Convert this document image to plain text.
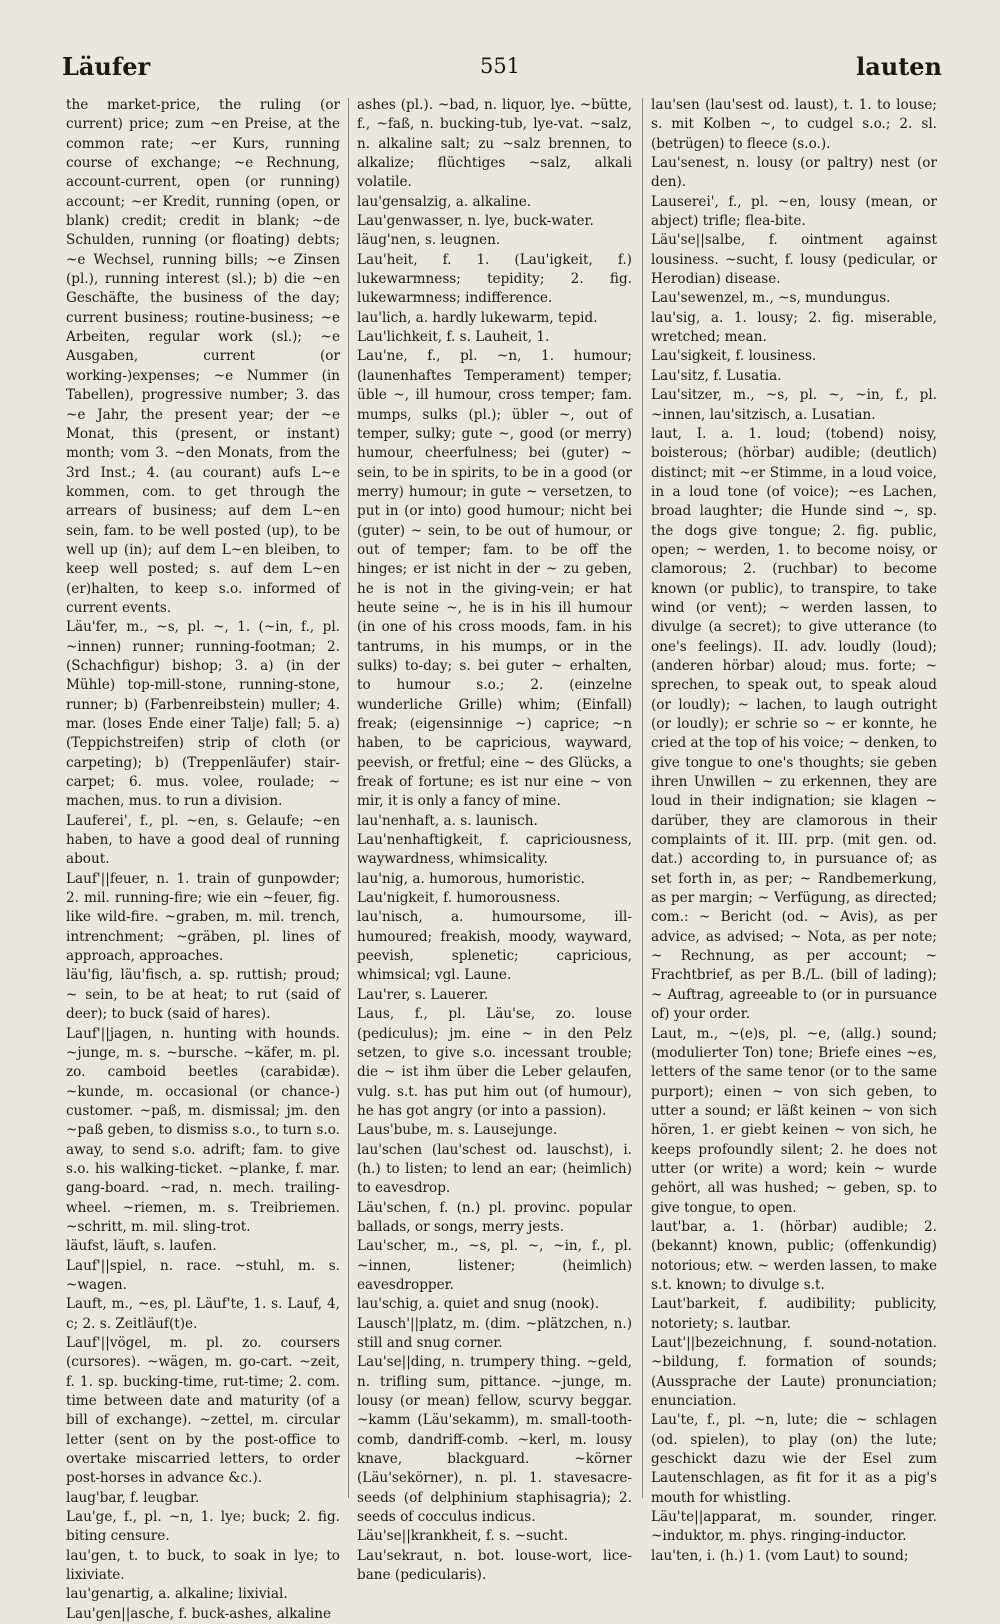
Läufer	551	lauten

the market-price, the ruling (or current) price; zum ~en Preise, at the common rate; ~er Kurs, running course of exchange; ~e Rechnung, account-current, open (or running) account; ~er Kredit, running (open, or blank) credit; credit in blank; ~de Schulden, running (or floating) debts; ~e Wechsel, running bills; ~e Zinsen (pl.), running interest (sl.); b) die ~en Geschäfte, the business of the day; current business; routine-business; ~e Arbeiten, regular work (sl.); ~e Ausgaben, current (or working-)expenses; ~e Nummer (in Tabellen), progressive number; 3. das ~e Jahr, the present year; der ~e Monat, this (present, or instant) month; vom 3. ~den Monats, from the 3rd Inst.; 4. (au courant) aufs L~e kommen, com. to get through the arrears of business; auf dem L~en sein, fam. to be well posted (up), to be well up (in); auf dem L~en bleiben, to keep well posted; s. auf dem L~en (er)halten, to keep s.o. informed of current events.

Läu'fer, m., ~s, pl. ~, 1. (~in, f., pl. ~innen) runner; running-footman; 2. (Schachfigur) bishop; 3. a) (in der Mühle) top-mill-stone, running-stone, runner; b) (Farbenreibstein) muller; 4. mar. (loses Ende einer Talje) fall; 5. a) (Teppichstreifen) strip of cloth (or carpeting); b) (Treppenläufer) stair-carpet; 6. mus. volee, roulade; ~ machen, mus. to run a division.

Lauferei', f., pl. ~en, s. Gelaufe; ~en haben, to have a good deal of running about.

Lauf'||feuer, n. 1. train of gunpowder; 2. mil. running-fire; wie ein ~feuer, fig. like wild-fire. ~graben, m. mil. trench, intrenchment; ~gräben, pl. lines of approach, approaches.

läu'fig, läu'fisch, a. sp. ruttish; proud; ~ sein, to be at heat; to rut (said of deer); to buck (said of hares).

Lauf'||jagen, n. hunting with hounds. ~junge, m. s. ~bursche. ~käfer, m. pl. zo. camboid beetles (carabidæ). ~kunde, m. occasional (or chance-) customer. ~paß, m. dismissal; jm. den ~paß geben, to dismiss s.o., to turn s.o. away, to send s.o. adrift; fam. to give s.o. his walking-ticket. ~planke, f. mar. gang-board. ~rad, n. mech. trailing-wheel. ~riemen, m. s. Treibriemen. ~schritt, m. mil. sling-trot.

läufst, läuft, s. laufen.

Lauf'||spiel, n. race. ~stuhl, m. s. ~wagen.

Lauft, m., ~es, pl. Läuf'te, 1. s. Lauf, 4, c; 2. s. Zeitläuf(t)e.

Lauf'||vögel, m. pl. zo. coursers (cursores). ~wägen, m. go-cart. ~zeit, f. 1. sp. bucking-time, rut-time; 2. com. time between date and maturity (of a bill of exchange). ~zettel, m. circular letter (sent on by the post-office to overtake miscarried letters, to order post-horses in advance &c.).

laug'bar, f. leugbar.

Lau'ge, f., pl. ~n, 1. lye; buck; 2. fig. biting censure.

lau'gen, t. to buck, to soak in lye; to lixiviate.

lau'genartig, a. alkaline; lixivial.

Lau'gen||asche, f. buck-ashes, alkaline

ashes (pl.). ~bad, n. liquor, lye. ~bütte, f., ~faß, n. bucking-tub, lye-vat. ~salz, n. alkaline salt; zu ~salz brennen, to alkalize; flüchtiges ~salz, alkali volatile.

lau'gensalzig, a. alkaline.

Lau'genwasser, n. lye, buck-water.

läug'nen, s. leugnen.

Lau'heit, f. 1. (Lau'igkeit, f.) lukewarmness; tepidity; 2. fig. lukewarmness; indifference.

lau'lich, a. hardly lukewarm, tepid.

Lau'lichkeit, f. s. Lauheit, 1.

Lau'ne, f., pl. ~n, 1. humour; (launenhaftes Temperament) temper; üble ~, ill humour, cross temper; fam. mumps, sulks (pl.); übler ~, out of temper, sulky; gute ~, good (or merry) humour, cheerfulness; bei (guter) ~ sein, to be in spirits, to be in a good (or merry) humour; in gute ~ versetzen, to put in (or into) good humour; nicht bei (guter) ~ sein, to be out of humour, or out of temper; fam. to be off the hinges; er ist nicht in der ~ zu geben, he is not in the giving-vein; er hat heute seine ~, he is in his ill humour (in one of his cross moods, fam. in his tantrums, in his mumps, or in the sulks) to-day; s. bei guter ~ erhalten, to humour s.o.; 2. (einzelne wunderliche Grille) whim; (Einfall) freak; (eigensinnige ~) caprice; ~n haben, to be capricious, wayward, peevish, or fretful; eine ~ des Glücks, a freak of fortune; es ist nur eine ~ von mir, it is only a fancy of mine.

lau'nenhaft, a. s. launisch.

Lau'nenhaftigkeit, f. capriciousness, waywardness, whimsicality.

lau'nig, a. humorous, humoristic.

Lau'nigkeit, f. humorousness.

lau'nisch, a. humoursome, ill-humoured; freakish, moody, wayward, peevish, splenetic; capricious, whimsical; vgl. Laune.

Lau'rer, s. Lauerer.

Laus, f., pl. Läu'se, zo. louse (pediculus); jm. eine ~ in den Pelz setzen, to give s.o. incessant trouble; die ~ ist ihm über die Leber gelaufen, vulg. s.t. has put him out (of humour), he has got angry (or into a passion).

Laus'bube, m. s. Lausejunge.

lau'schen (lau'schest od. lauschst), i. (h.) to listen; to lend an ear; (heimlich) to eavesdrop.

Läu'schen, f. (n.) pl. provinc. popular ballads, or songs, merry jests.

Lau'scher, m., ~s, pl. ~, ~in, f., pl. ~innen, listener; (heimlich) eavesdropper.

lau'schig, a. quiet and snug (nook).

Lausch'||platz, m. (dim. ~plätzchen, n.) still and snug corner.

Lau'se||ding, n. trumpery thing. ~geld, n. trifling sum, pittance. ~junge, m. lousy (or mean) fellow, scurvy beggar. ~kamm (Läu'sekamm), m. small-tooth-comb, dandriff-comb. ~kerl, m. lousy knave, blackguard. ~körner (Läu'sekörner), n. pl. 1. stavesacre-seeds (of delphinium staphisagria); 2. seeds of cocculus indicus.

Läu'se||krankheit, f. s. ~sucht.

Lau'sekraut, n. bot. louse-wort, lice-bane (pedicularis).

lau'sen (lau'sest od. laust), t. 1. to louse; s. mit Kolben ~, to cudgel s.o.; 2. sl. (betrügen) to fleece (s.o.).

Lau'senest, n. lousy (or paltry) nest (or den).

Lauserei', f., pl. ~en, lousy (mean, or abject) trifle; flea-bite.

Läu'se||salbe, f. ointment against lousiness. ~sucht, f. lousy (pedicular, or Herodian) disease.

Lau'sewenzel, m., ~s, mundungus.

lau'sig, a. 1. lousy; 2. fig. miserable, wretched; mean.

Lau'sigkeit, f. lousiness.

Lau'sitz, f. Lusatia.

Lau'sitzer, m., ~s, pl. ~, ~in, f., pl. ~innen, lau'sitzisch, a. Lusatian.

laut, I. a. 1. loud; (tobend) noisy, boisterous; (hörbar) audible; (deutlich) distinct; mit ~er Stimme, in a loud voice, in a loud tone (of voice); ~es Lachen, broad laughter; die Hunde sind ~, sp. the dogs give tongue; 2. fig. public, open; ~ werden, 1. to become noisy, or clamorous; 2. (ruchbar) to become known (or public), to transpire, to take wind (or vent); ~ werden lassen, to divulge (a secret); to give utterance (to one's feelings). II. adv. loudly (loud); (anderen hörbar) aloud; mus. forte; ~ sprechen, to speak out, to speak aloud (or loudly); ~ lachen, to laugh outright (or loudly); er schrie so ~ er konnte, he cried at the top of his voice; ~ denken, to give tongue to one's thoughts; sie geben ihren Unwillen ~ zu erkennen, they are loud in their indignation; sie klagen ~ darüber, they are clamorous in their complaints of it. III. prp. (mit gen. od. dat.) according to, in pursuance of; as set forth in, as per; ~ Randbemerkung, as per margin; ~ Verfügung, as directed; com.: ~ Bericht (od. ~ Avis), as per advice, as advised; ~ Nota, as per note; ~ Rechnung, as per account; ~ Frachtbrief, as per B./L. (bill of lading); ~ Auftrag, agreeable to (or in pursuance of) your order.

Laut, m., ~(e)s, pl. ~e, (allg.) sound; (modulierter Ton) tone; Briefe eines ~es, letters of the same tenor (or to the same purport); einen ~ von sich geben, to utter a sound; er läßt keinen ~ von sich hören, 1. er giebt keinen ~ von sich, he keeps profoundly silent; 2. he does not utter (or write) a word; kein ~ wurde gehört, all was hushed; ~ geben, sp. to give tongue, to open.

laut'bar, a. 1. (hörbar) audible; 2. (bekannt) known, public; (offenkundig) notorious; etw. ~ werden lassen, to make s.t. known; to divulge s.t.

Laut'barkeit, f. audibility; publicity, notoriety; s. lautbar.

Laut'||bezeichnung, f. sound-notation. ~bildung, f. formation of sounds; (Aussprache der Laute) pronunciation; enunciation.

Lau'te, f., pl. ~n, lute; die ~ schlagen (od. spielen), to play (on) the lute; geschickt dazu wie der Esel zum Lautenschlagen, as fit for it as a pig's mouth for whistling.

Läu'te||apparat, m. sounder, ringer. ~induktor, m. phys. ringing-inductor.

lau'ten, i. (h.) 1. (vom Laut) to sound;
